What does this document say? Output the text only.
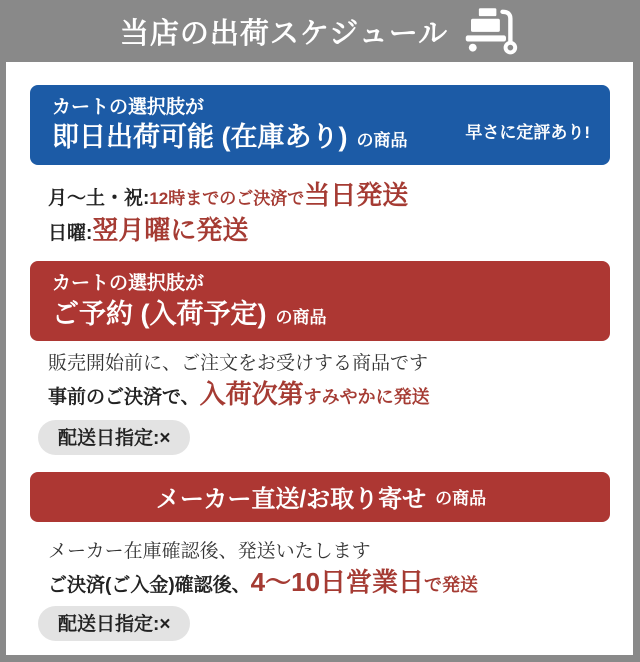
当店の出荷スケジュール
カートの選択肢が
即日出荷可能 (在庫あり) の商品	早さに定評あり!
月〜土・祝:12時までのご決済で当日発送
日曜:翌月曜に発送
カートの選択肢が
ご予約 (入荷予定) の商品
販売開始前に、ご注文をお受けする商品です
事前のご決済で、入荷次第すみやかに発送
配送日指定:×
メーカー直送/お取り寄せ の商品
メーカー在庫確認後、発送いたします
ご決済(ご入金)確認後、4〜10日営業日で発送
配送日指定:×
